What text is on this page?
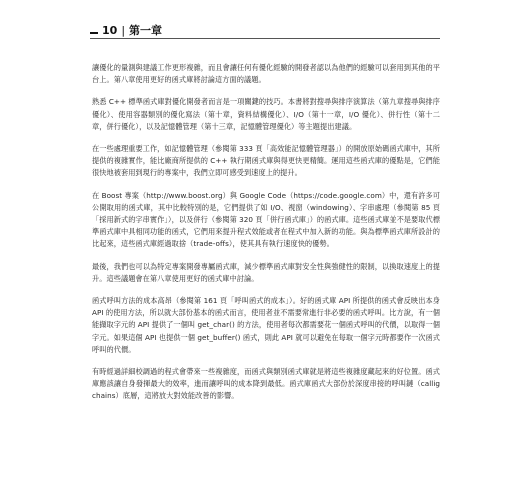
10 | 第一章

讓優化的量測與建議工作更形複雜，而且會讓任何有優化經驗的開發者認以為他們的經驗可以套用到其他的平台上。第八章使用更好的函式庫將討論這方面的議題。

熟悉 C++ 標準函式庫對優化開發者而言是一項關鍵的技巧。本書將對搜尋與排序演算法（第九章搜尋與排序優化）、使用容器類別的優化寫法（第十章，資料結構優化）、I/O（第十一章，I/O 優化）、併行性（第十二章，併行優化），以及記憶體管理（第十三章，記憶體管理優化）等主題提出建議。

在一些處理重要工作，如記憶體管理（參閱第 333 頁「高效能記憶體管理器」）的開放原始碼函式庫中，其所提供的複雜實作，能比廠商所提供的 C++ 執行期函式庫與得更快更精簡。運用這些函式庫的優點是，它們能很快地被套用到現行的專案中，我們立即可感受到速度上的提升。

在 Boost 專案（http://www.boost.org）與 Google Code（https://code.google.com）中，還有許多可公開取用的函式庫，其中比較特別的是，它們提供了如 I/O、視窗（windowing）、字串處理（參閱第 85 頁「採用新式的字串實作」），以及併行（參閱第 320 頁「併行函式庫」）的函式庫。這些函式庫並不是要取代標準函式庫中具相同功能的函式，它們用來提升程式效能或者在程式中加入新的功能。與為標準函式庫所設計的比起來，這些函式庫經過取捨（trade-offs），使其具有執行速度快的優勢。

最後，我們也可以為特定專案開發專屬函式庫，減少標準函式庫對安全性與強健性的限制，以換取速度上的提升。這些議題會在第八章使用更好的函式庫中討論。

函式呼叫方法的成本高昂（參閱第 161 頁「呼叫函式的成本」）。好的函式庫 API 所提供的函式會反映出本身 API 的使用方法，所以就大部份基本的函式而言，使用者並不需要常進行非必要的函式呼叫。比方說，有一個能擷取字元的 API 提供了一個叫 get_char() 的方法，使用者每次都需要花一個函式呼叫的代價，以取得一個字元。如果這個 API 也提供一個 get_buffer() 函式，則此 API 就可以避免在每取一個字元時都要作一次函式呼叫的代價。

有時經過詳細校調過的程式會帶來一些複雜度，而函式與類別函式庫就是將這些複雜度藏起來的好位置。函式庫應該讓自身發揮最大的效率，進而讓呼叫的成本降到最低。函式庫函式大部份於深度串接的呼叫鏈（callig chains）底層，這將放大對效能改善的影響。
